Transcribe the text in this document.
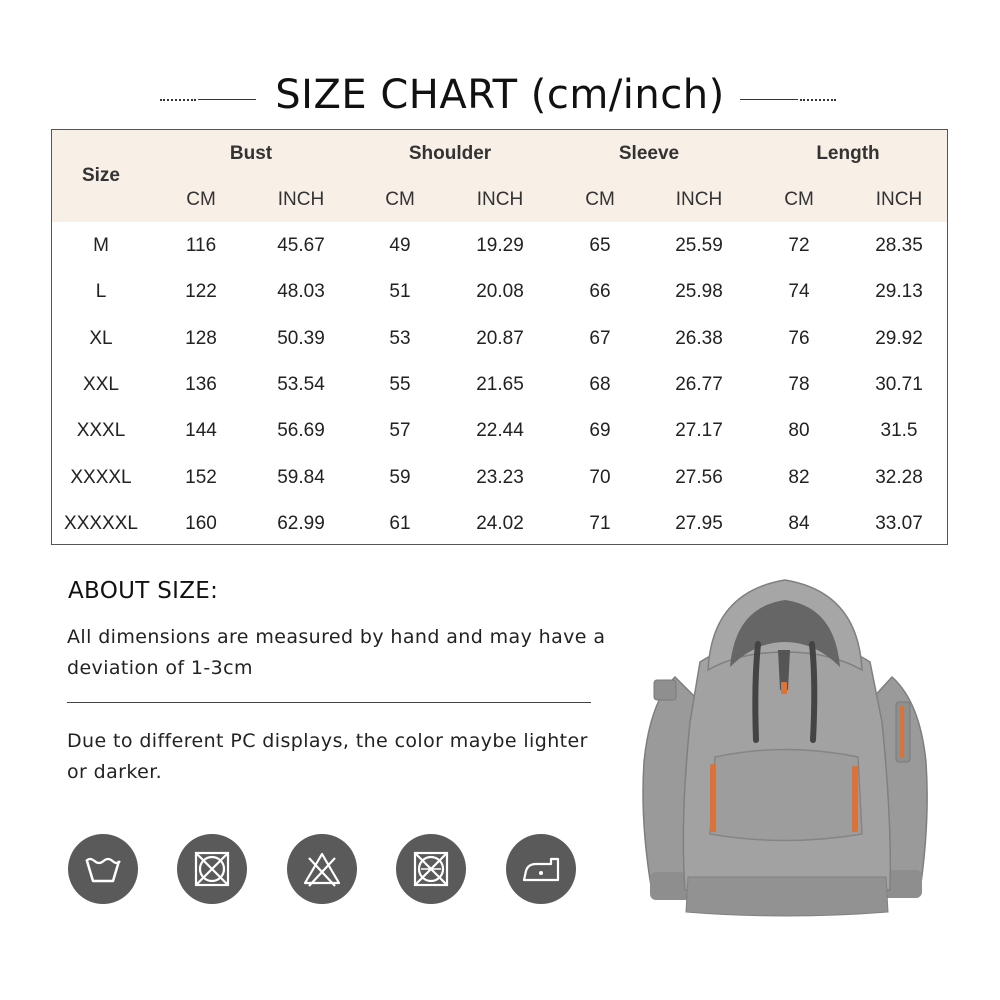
SIZE CHART (cm/inch)
Size
Bust	Shoulder	Sleeve	Length
CM	INCH	CM	INCH	CM	INCH	CM	INCH
M	116	45.67	49	19.29	65	25.59	72	28.35
L	122	48.03	51	20.08	66	25.98	74	29.13
XL	128	50.39	53	20.87	67	26.38	76	29.92
XXL	136	53.54	55	21.65	68	26.77	78	30.71
XXXL	144	56.69	57	22.44	69	27.17	80	31.5
XXXXL	152	59.84	59	23.23	70	27.56	82	32.28
XXXXXL	160	62.99	61	24.02	71	27.95	84	33.07
ABOUT SIZE:
All dimensions are measured by hand and may have a deviation of 1-3cm
Due to different PC displays, the color maybe lighter or darker.
